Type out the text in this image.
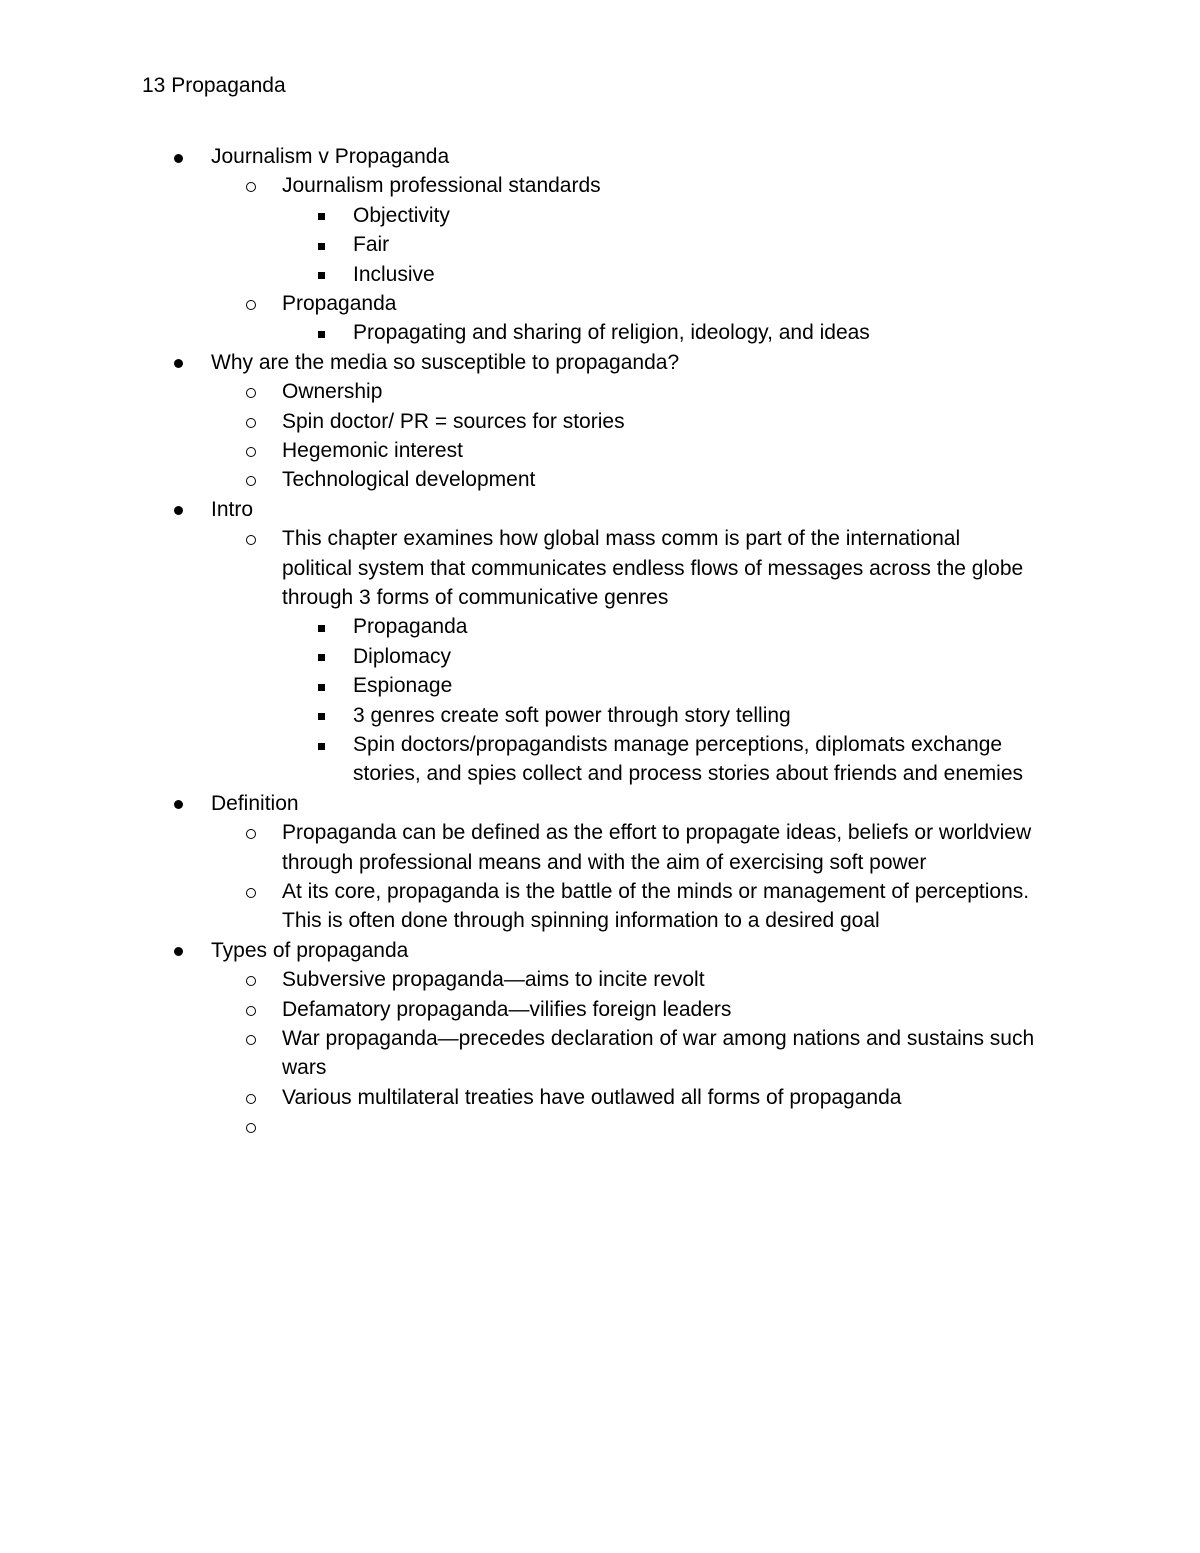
13 Propaganda
Journalism v Propaganda
Journalism professional standards
Objectivity
Fair
Inclusive
Propaganda
Propagating and sharing of religion, ideology, and ideas
Why are the media so susceptible to propaganda?
Ownership
Spin doctor/ PR = sources for stories
Hegemonic interest
Technological development
Intro
This chapter examines how global mass comm is part of the international
political system that communicates endless flows of messages across the globe
through 3 forms of communicative genres
Propaganda
Diplomacy
Espionage
3 genres create soft power through story telling
Spin doctors/propagandists manage perceptions, diplomats exchange
stories, and spies collect and process stories about friends and enemies
Definition
Propaganda can be defined as the effort to propagate ideas, beliefs or worldview
through professional means and with the aim of exercising soft power
At its core, propaganda is the battle of the minds or management of perceptions.
This is often done through spinning information to a desired goal
Types of propaganda
Subversive propaganda—aims to incite revolt
Defamatory propaganda—vilifies foreign leaders
War propaganda—precedes declaration of war among nations and sustains such
wars
Various multilateral treaties have outlawed all forms of propaganda
